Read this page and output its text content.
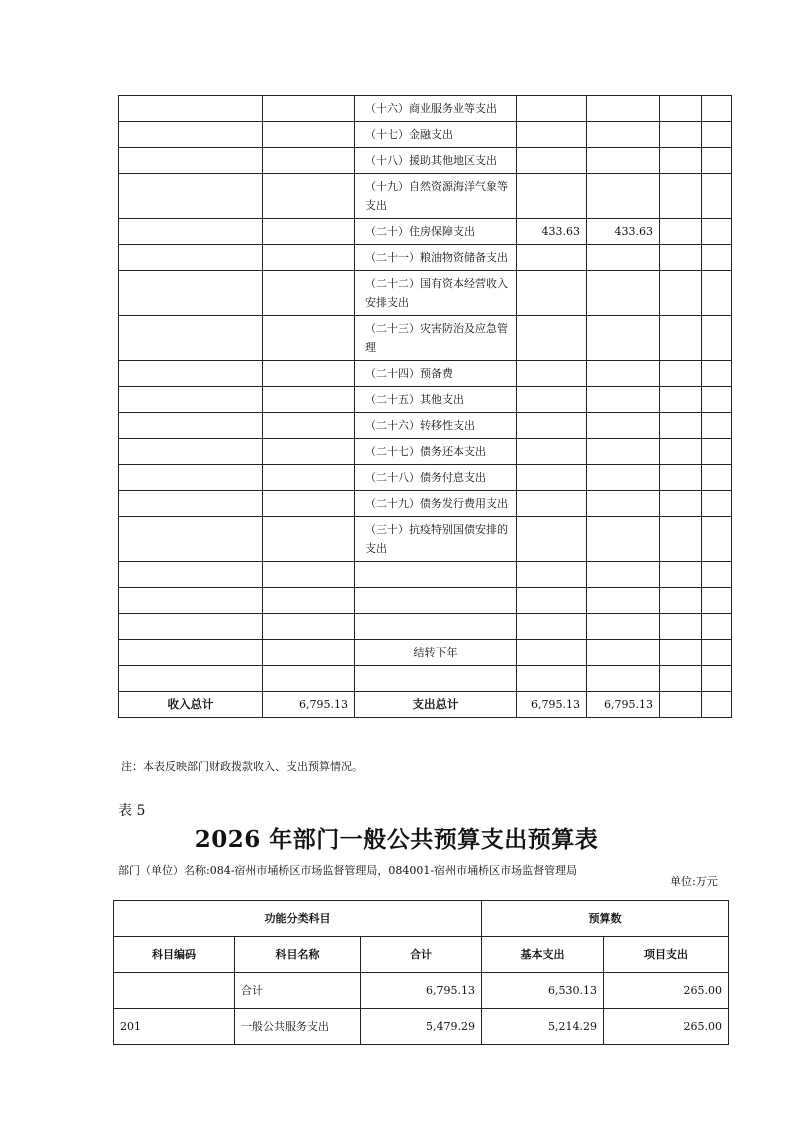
		（十六）商业服务业等支出				
		（十七）金融支出				
		（十八）援助其他地区支出				
		（十九）自然资源海洋气象等支出				
		（二十）住房保障支出	433.63	433.63		
		（二十一）粮油物资储备支出				
		（二十二）国有资本经营收入安排支出				
		（二十三）灾害防治及应急管理				
		（二十四）预备费				
		（二十五）其他支出				
		（二十六）转移性支出				
		（二十七）债务还本支出				
		（二十八）债务付息支出				
		（二十九）债务发行费用支出				
		（三十）抗疫特别国债安排的支出				

		结转下年				

收入总计	6,795.13	支出总计	6,795.13	6,795.13		
注：本表反映部门财政拨款收入、支出预算情况。
表 5
2026 年部门一般公共预算支出预算表
部门（单位）名称:084-宿州市埇桥区市场监督管理局，084001-宿州市埇桥区市场监督管理局
单位:万元
功能分类科目			预算数	
科目编码	科目名称	合计	基本支出	项目支出
	合计	6,795.13	6,530.13	265.00
201	一般公共服务支出	5,479.29	5,214.29	265.00
